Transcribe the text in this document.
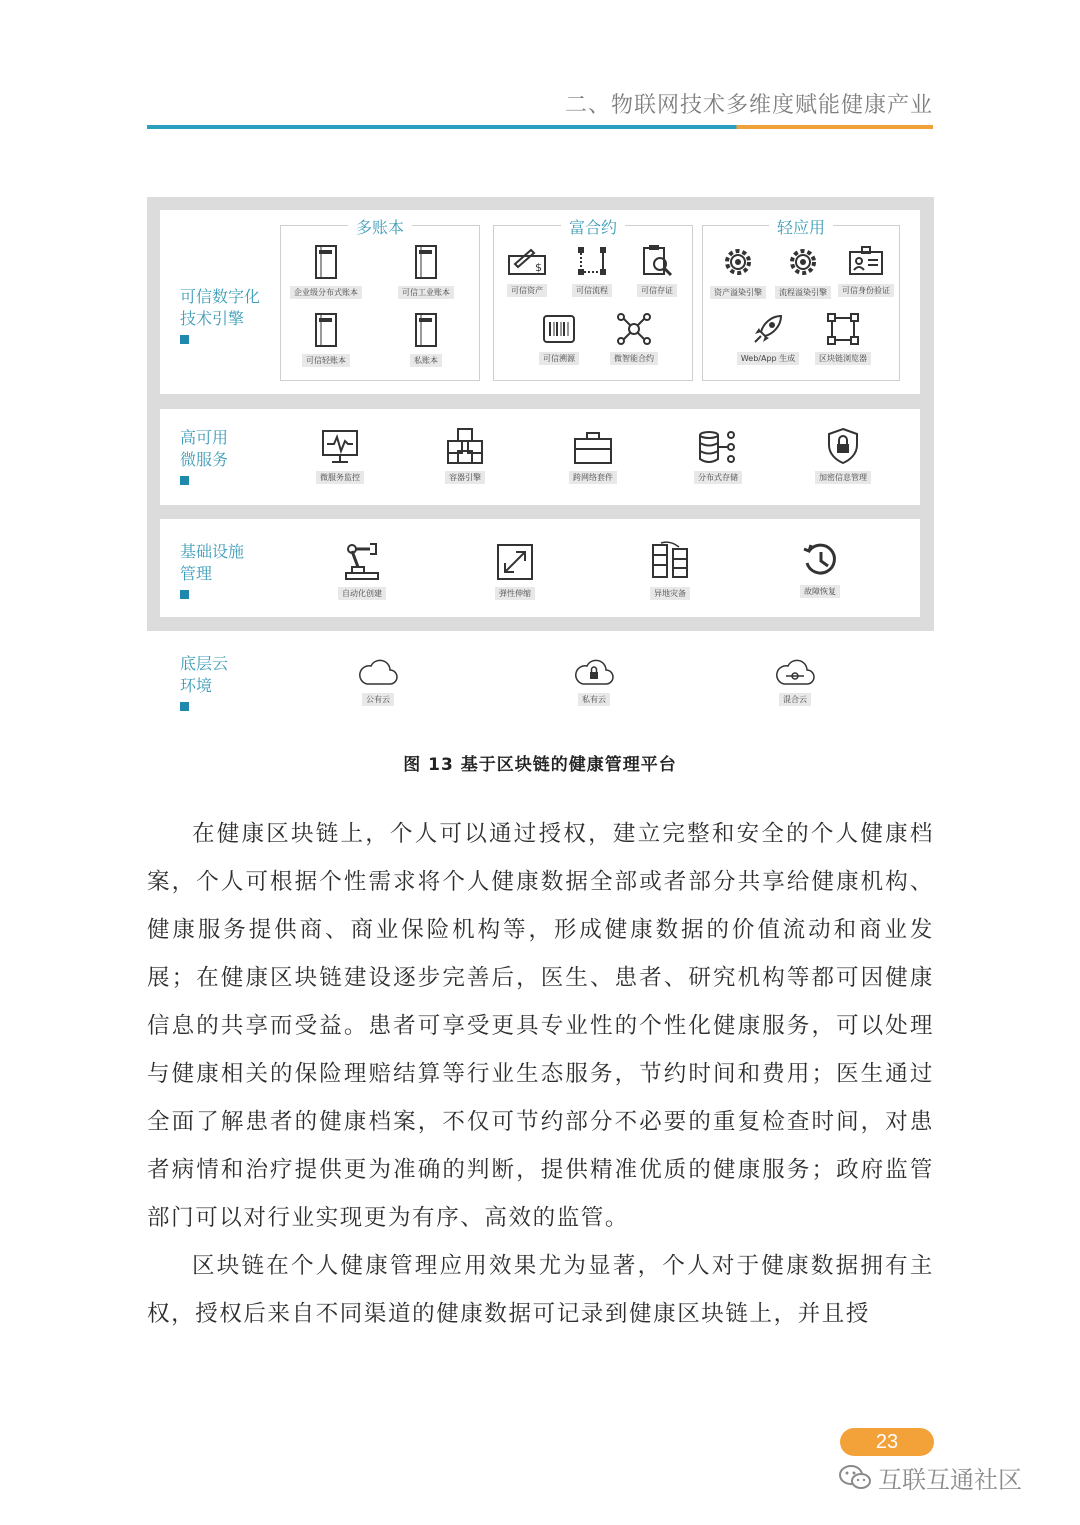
二、物联网技术多维度赋能健康产业
可信数字化
技术引擎
多账本
企业级分布式账本	可信工业账本
可信轻账本	私账本
富合约
$
可信资产	可信流程	可信存证
可信溯源	微智能合约
轻应用
资产溢染引擎	流程溢染引擎	可信身份验证
Web/App 生成	区块链浏览器
高可用
微服务
微服务监控	容器引擎	跨网络套件	分布式存储	加密信息管理
基础设施
管理
自动化创建	弹性伸缩	异地灾备	故障恢复
底层云
环境
公有云	私有云	混合云
图 13 基于区块链的健康管理平台

在健康区块链上，个人可以通过授权，建立完整和安全的个人健康档案，个人可根据个性需求将个人健康数据全部或者部分共享给健康机构、健康服务提供商、商业保险机构等，形成健康数据的价值流动和商业发展；在健康区块链建设逐步完善后，医生、患者、研究机构等都可因健康信息的共享而受益。患者可享受更具专业性的个性化健康服务，可以处理与健康相关的保险理赔结算等行业生态服务，节约时间和费用；医生通过全面了解患者的健康档案，不仅可节约部分不必要的重复检查时间，对患者病情和治疗提供更为准确的判断，提供精准优质的健康服务；政府监管部门可以对行业实现更为有序、高效的监管。

区块链在个人健康管理应用效果尤为显著，个人对于健康数据拥有主权，授权后来自不同渠道的健康数据可记录到健康区块链上，并且授

23
互联互通社区
